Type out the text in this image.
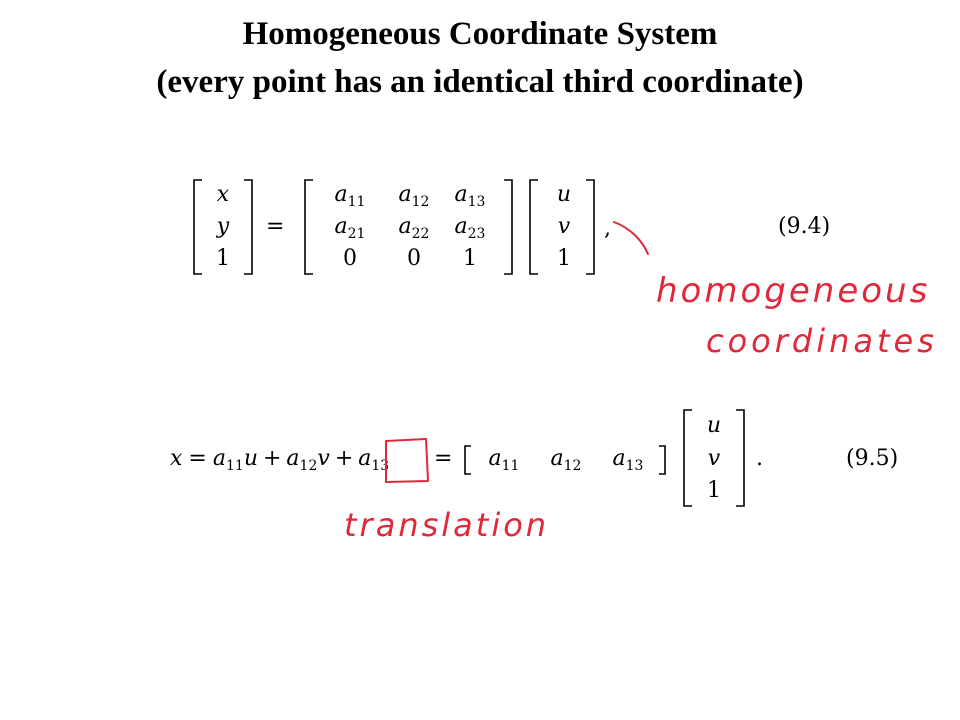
Homogeneous Coordinate System
(every point has an identical third coordinate)
x
y
1
=
$a_{11}$	$a_{12}$	$a_{13}$
$a_{21}$	$a_{22}$	$a_{23}$
0	0	1
u
v
1
,	(9.4)
$x = a_{11}u + a_{12}v + a_{13}$ =	$a_{11}$	$a_{12}$	$a_{13}$
u
v
1
.	(9.5)
homogeneous
coordinates
translation
